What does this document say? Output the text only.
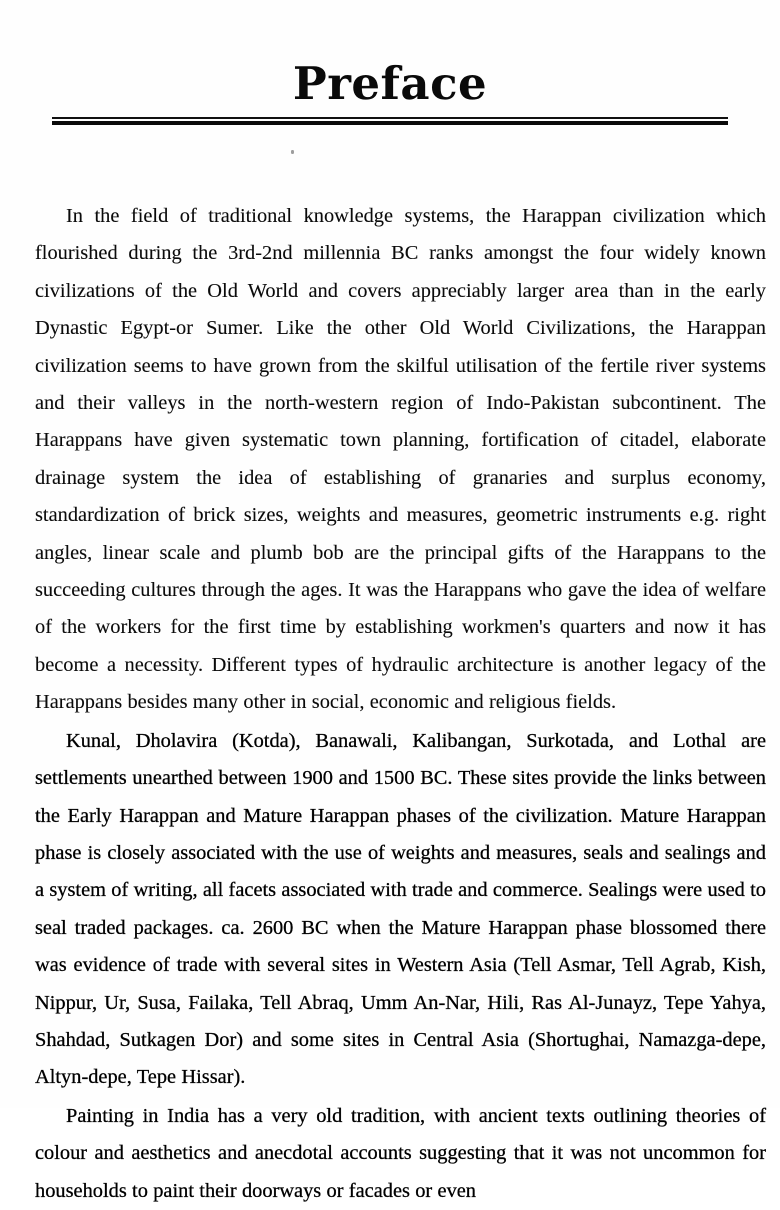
Preface

In the field of traditional knowledge systems, the Harappan civilization which flourished during the 3rd-2nd millennia BC ranks amongst the four widely known civilizations of the Old World and covers appreciably larger area than in the early Dynastic Egypt-or Sumer. Like the other Old World Civilizations, the Harappan civilization seems to have grown from the skilful utilisation of the fertile river systems and their valleys in the north-western region of Indo-Pakistan subcontinent. The Harappans have given systematic town planning, fortification of citadel, elaborate drainage system the idea of establishing of granaries and surplus economy, standardization of brick sizes, weights and measures, geometric instruments e.g. right angles, linear scale and plumb bob are the principal gifts of the Harappans to the succeeding cultures through the ages. It was the Harappans who gave the idea of welfare of the workers for the first time by establishing workmen's quarters and now it has become a necessity. Different types of hydraulic architecture is another legacy of the Harappans besides many other in social, economic and religious fields.

Kunal, Dholavira (Kotda), Banawali, Kalibangan, Surkotada, and Lothal are settlements unearthed between 1900 and 1500 BC. These sites provide the links between the Early Harappan and Mature Harappan phases of the civilization. Mature Harappan phase is closely associated with the use of weights and measures, seals and sealings and a system of writing, all facets associated with trade and commerce. Sealings were used to seal traded packages. ca. 2600 BC when the Mature Harappan phase blossomed there was evidence of trade with several sites in Western Asia (Tell Asmar, Tell Agrab, Kish, Nippur, Ur, Susa, Failaka, Tell Abraq, Umm An-Nar, Hili, Ras Al-Junayz, Tepe Yahya, Shahdad, Sutkagen Dor) and some sites in Central Asia (Shortughai, Namazga-depe, Altyn-depe, Tepe Hissar).

Painting in India has a very old tradition, with ancient texts outlining theories of colour and aesthetics and anecdotal accounts suggesting that it was not uncommon for households to paint their doorways or facades or even
